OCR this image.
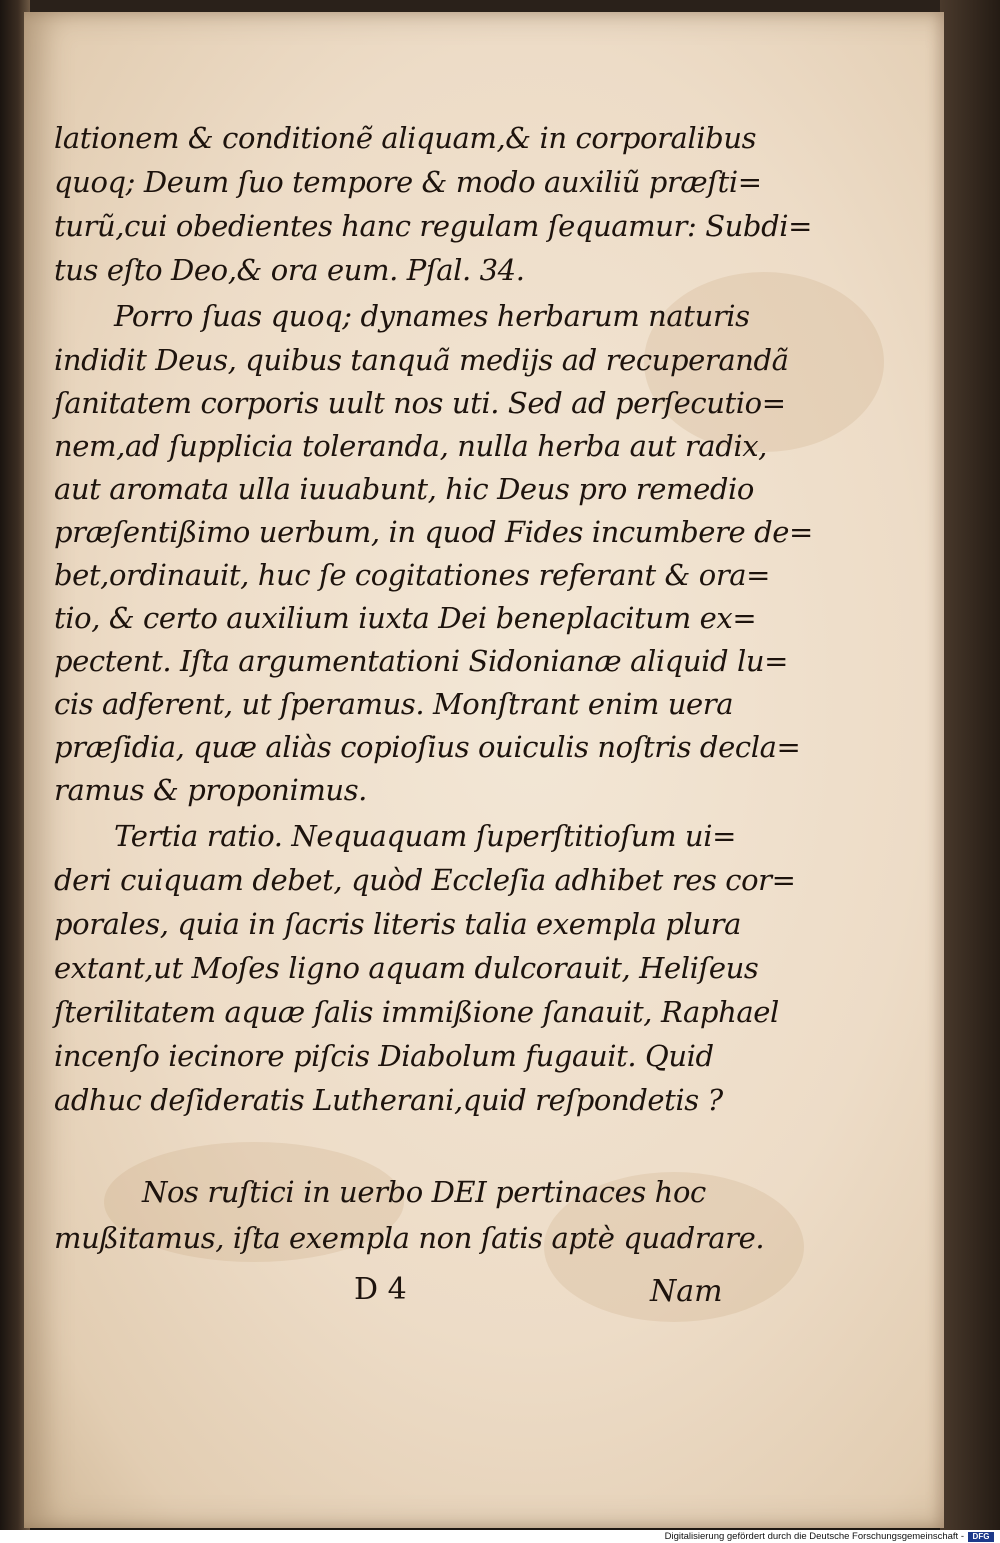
lationem & conditionẽ aliquam,& in corporalibus
quoq; Deum ſuo tempore & modo auxiliũ præſti=
turũ,cui obedientes hanc regulam ſequamur: Subdi=
tus eſto Deo,& ora eum. Pſal. 34.
Porro ſuas quoq; dynames herbarum naturis
indidit Deus, quibus tanquã medijs ad recuperandã
ſanitatem corporis uult nos uti. Sed ad perſecutio=
nem,ad ſupplicia toleranda, nulla herba aut radix,
aut aromata ulla iuuabunt, hic Deus pro remedio
præſentißimo uerbum, in quod Fides incumbere de=
bet,ordinauit, huc ſe cogitationes referant & ora=
tio, & certo auxilium iuxta Dei beneplacitum ex=
pectent. Iſta argumentationi Sidonianæ aliquid lu=
cis adferent, ut ſperamus. Monſtrant enim uera
præſidia, quæ aliàs copioſius ouiculis noſtris decla=
ramus & proponimus.
Tertia ratio. Nequaquam ſuperſtitioſum ui=
deri cuiquam debet, quòd Eccleſia adhibet res cor=
porales, quia in ſacris literis talia exempla plura
extant,ut Moſes ligno aquam dulcorauit, Heliſeus
ſterilitatem aquæ ſalis immißione ſanauit, Raphael
incenſo iecinore piſcis Diabolum fugauit. Quid
adhuc deſideratis Lutherani,quid reſpondetis ?
Nos ruſtici in uerbo DEI pertinaces hoc
mußitamus, iſta exempla non ſatis aptè quadrare.
D 4	Nam
Digitalisierung gefördert durch die Deutsche Forschungsgemeinschaft -	DFG
